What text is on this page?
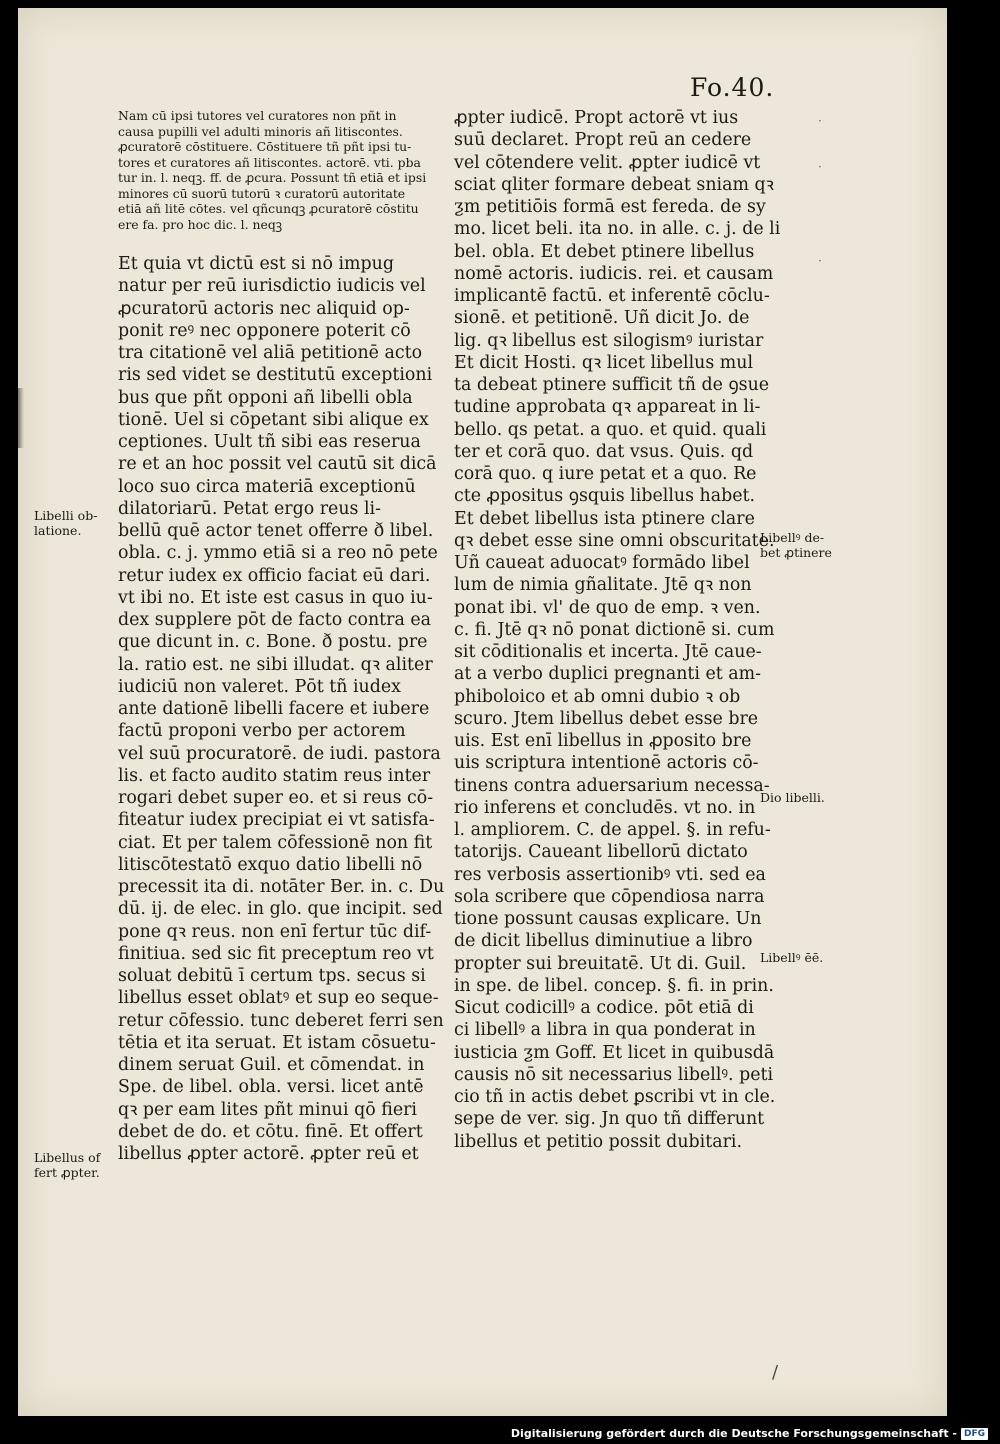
Fo.40.
Nam cū ipsi tutores vel curatores non pñt in
causa pupilli vel adulti minoris añ litiscontes.
ꝓcuratorē cōstituere. Cōstituere tñ pñt ipsi tu-
tores et curatores añ litiscontes. actorē. vti. pba
tur in. l. neqꝫ. ff. de ꝓcura. Possunt tñ etiā et ipsi
minores cū suorū tutorū ꝛ curatorū autoritate
etiā añ litē cōtes. vel qñcunqꝫ ꝓcuratorē cōstitu
ere fa. pro hoc dic. l. neqꝫ
Et quia vt dictū est si nō impug
natur per reū iurisdictio iudicis vel
ꝓcuratorū actoris nec aliquid op-
ponit reꝰ nec opponere poterit cō
tra citationē vel aliā petitionē acto
ris sed videt se destitutū exceptioni
bus que pñt opponi añ libelli obla
tionē. Uel si cōpetant sibi alique ex
ceptiones. Uult tñ sibi eas reserua
re et an hoc possit vel cautū sit dicā
loco suo circa materiā exceptionū
dilatoriarū. Petat ergo reus li-
bellū quē actor tenet offerre ð libel.
obla. c. j. ymmo etiā si a reo nō pete
retur iudex ex officio faciat eū dari.
vt ibi no. Et iste est casus in quo iu-
dex supplere pōt de facto contra ea
que dicunt in. c. Bone. ð postu. pre
la. ratio est. ne sibi illudat. qꝛ aliter
iudiciū non valeret. Pōt tñ iudex
ante dationē libelli facere et iubere
factū proponi verbo per actorem
vel suū procuratorē. de iudi. pastora
lis. et facto audito statim reus inter
rogari debet super eo. et si reus cō-
fiteatur iudex precipiat ei vt satisfa-
ciat. Et per talem cōfessionē non fit
litiscōtestatō exquo datio libelli nō
precessit ita di. notāter Ber. in. c. Du
dū. ij. de elec. in glo. que incipit. sed
pone qꝛ reus. non enī fertur tūc dif-
finitiua. sed sic fit preceptum reo vt
soluat debitū ī certum tps. secus si
libellus esset oblatꝰ et sup eo seque-
retur cōfessio. tunc deberet ferri sen
tētia et ita seruat. Et istam cōsuetu-
dinem seruat Guil. et cōmendat. in
Spe. de libel. obla. versi. licet antē
qꝛ per eam lites pñt minui qō fieri
debet de do. et cōtu. finē. Et offert
libellus ꝓpter actorē. ꝓpter reū et
ꝓpter iudicē. Propt actorē vt ius
suū declaret. Propt reū an cedere
vel cōtendere velit. ꝓpter iudicē vt
sciat qliter formare debeat sniam qꝛ
ƺm petitiōis formā est fereda. de sy
mo. licet beli. ita no. in alle. c. j. de li
bel. obla. Et debet ptinere libellus
nomē actoris. iudicis. rei. et causam
implicantē factū. et inferentē cōclu-
sionē. et petitionē. Uñ dicit Jo. de
lig. qꝛ libellus est silogismꝰ iuristar
Et dicit Hosti. qꝛ licet libellus mul
ta debeat ptinere sufficit tñ de ꝯsue
tudine approbata qꝛ appareat in li-
bello. qs petat. a quo. et quid. quali
ter et corā quo. dat vsus. Quis. qd
corā quo. q iure petat et a quo. Re
cte ꝓpositus ꝯsquis libellus habet.
Et debet libellus ista ptinere clare
qꝛ debet esse sine omni obscuritate.
Uñ caueat aduocatꝰ formādo libel
lum de nimia gñalitate. Jtē qꝛ non
ponat ibi. vl' de quo de emp. ꝛ ven.
c. fi. Jtē qꝛ nō ponat dictionē si. cum
sit cōditionalis et incerta. Jtē caue-
at a verbo duplici pregnanti et am-
phiboloico et ab omni dubio ꝛ ob
scuro. Jtem libellus debet esse bre
uis. Est enī libellus in ꝓposito bre
uis scriptura intentionē actoris cō-
tinens contra aduersarium necessa-
rio inferens et concludēs. vt no. in
l. ampliorem. C. de appel. §. in refu-
tatorijs. Caueant libellorū dictato
res verbosis assertionibꝰ vti. sed ea
sola scribere que cōpendiosa narra
tione possunt causas explicare. Un
de dicit libellus diminutiue a libro
propter sui breuitatē. Ut di. Guil.
in spe. de libel. concep. §. fi. in prin.
Sicut codicillꝰ a codice. pōt etiā di
ci libellꝰ a libra in qua ponderat in
iusticia ƺm Goff. Et licet in quibusdā
causis nō sit necessarius libellꝰ. peti
cio tñ in actis debet ꝑscribi vt in cle.
sepe de ver. sig. Jn quo tñ differunt
libellus et petitio possit dubitari.
Libelli ob-
latione.
Libellus of
fert ꝓpter.
Libellꝰ de-
bet ꝓtinere
Dio libelli.
Libellꝰ ēē.
·
·
·
/
Digitalisierung gefördert durch die Deutsche Forschungsgemeinschaft - DFG
